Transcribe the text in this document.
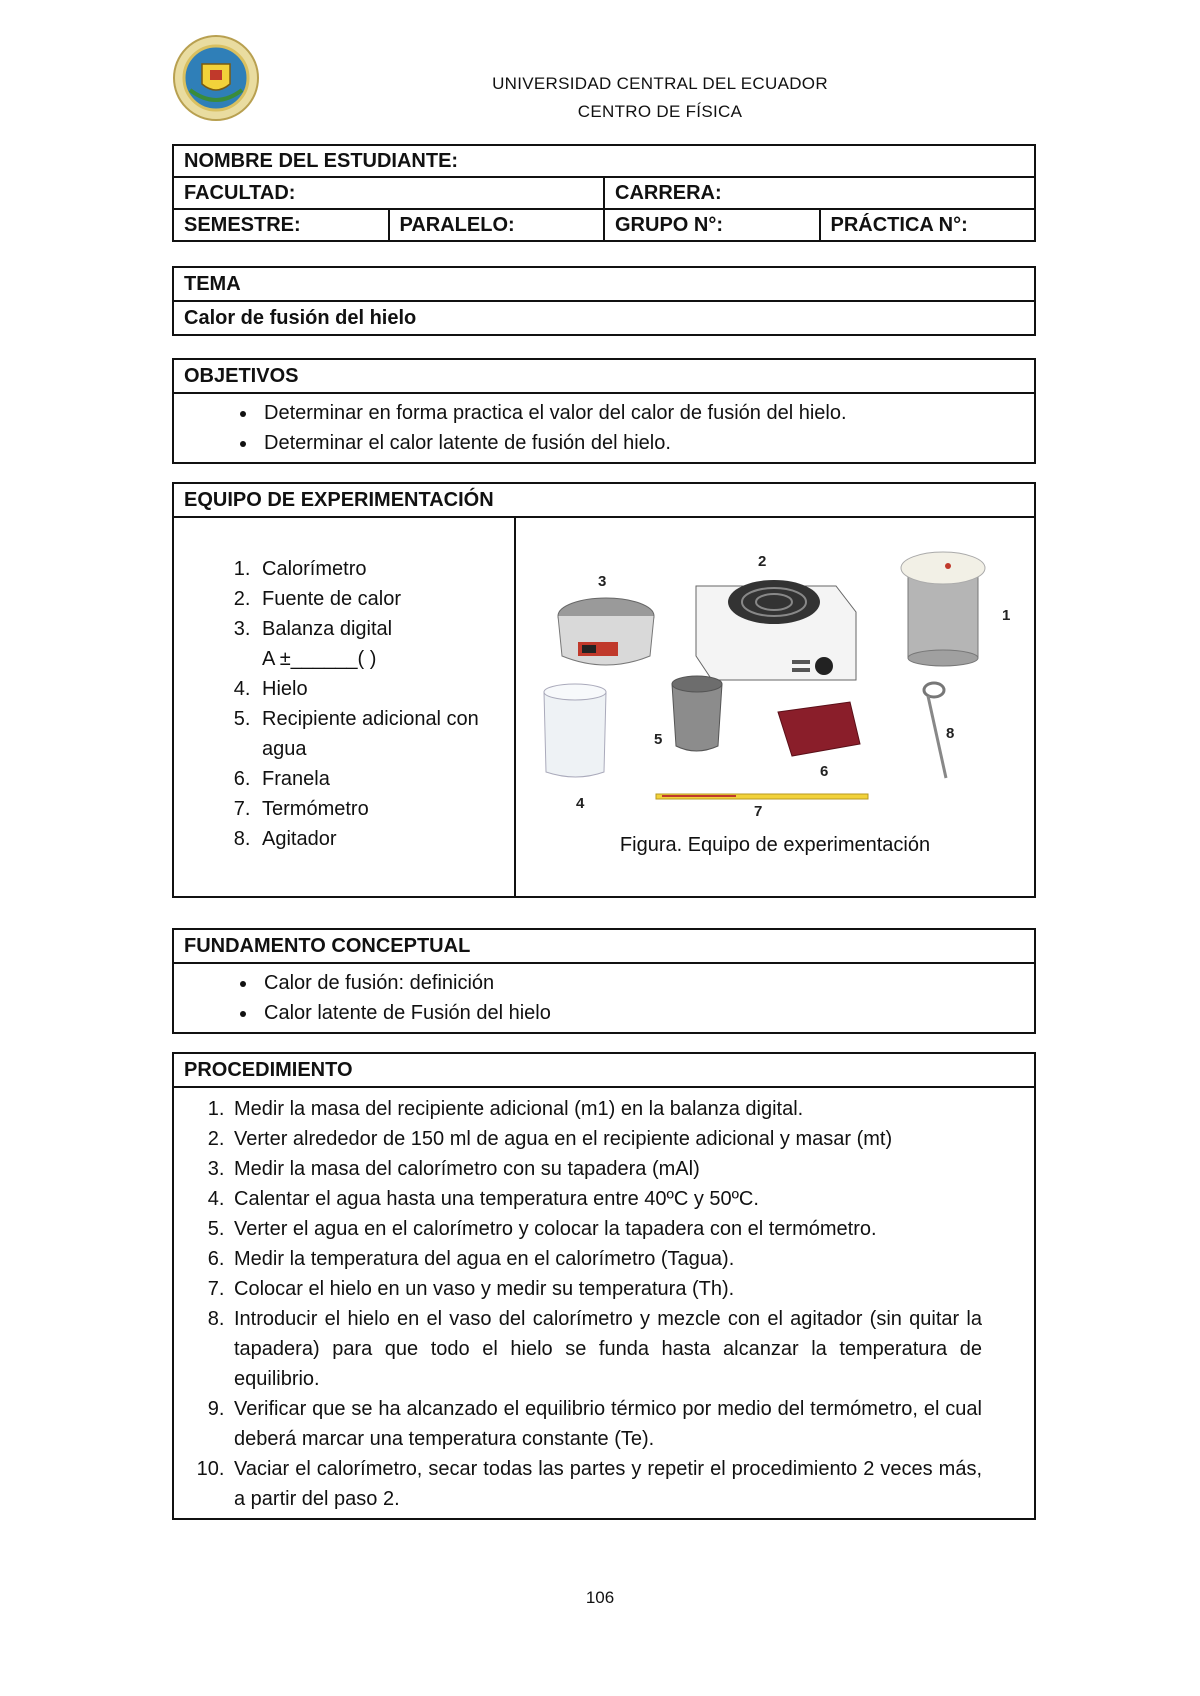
UNIVERSIDAD CENTRAL DEL ECUADOR
CENTRO DE FÍSICA
NOMBRE DEL ESTUDIANTE:			
FACULTAD:		CARRERA:	
SEMESTRE:	PARALELO:	GRUPO N°:	PRÁCTICA N°:
TEMA
Calor de fusión del hielo
OBJETIVOS
• Determinar en forma practica el valor del calor de fusión del hielo.
• Determinar el calor latente de fusión del hielo.
EQUIPO DE EXPERIMENTACIÓN
1. Calorímetro
2. Fuente de calor
3. Balanza digital
A ±______( )
4. Hielo
5. Recipiente adicional con agua
6. Franela
7. Termómetro
8. Agitador
3
2
1
4
5
6
7
8
Figura. Equipo de experimentación
FUNDAMENTO CONCEPTUAL
• Calor de fusión: definición
• Calor latente de Fusión del hielo
PROCEDIMIENTO
1. Medir la masa del recipiente adicional (m1) en la balanza digital.
2. Verter alrededor de 150 ml de agua en el recipiente adicional y masar (mt)
3. Medir la masa del calorímetro con su tapadera (mAl)
4. Calentar el agua hasta una temperatura entre 40ºC y 50ºC.
5. Verter el agua en el calorímetro y colocar la tapadera con el termómetro.
6. Medir la temperatura del agua en el calorímetro (Tagua).
7. Colocar el hielo en un vaso y medir su temperatura (Th).
8. Introducir el hielo en el vaso del calorímetro y mezcle con el agitador (sin quitar la tapadera) para que todo el hielo se funda hasta alcanzar la temperatura de equilibrio.
9. Verificar que se ha alcanzado el equilibrio térmico por medio del termómetro, el cual deberá marcar una temperatura constante (Te).
10. Vaciar el calorímetro, secar todas las partes y repetir el procedimiento 2 veces más, a partir del paso 2.
106
